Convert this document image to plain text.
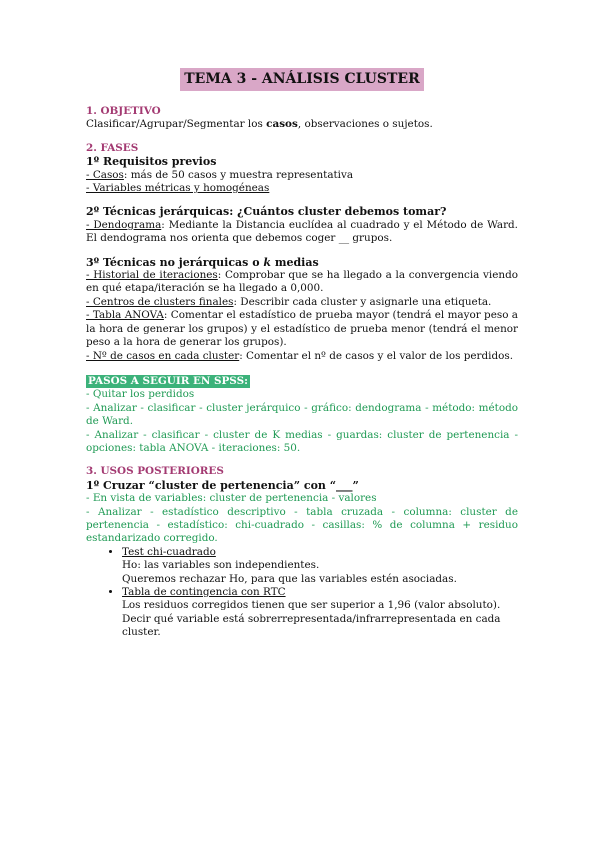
TEMA 3 - ANÁLISIS CLUSTER
1. OBJETIVO
Clasificar/Agrupar/Segmentar los casos, observaciones o sujetos.
2. FASES
1º Requisitos previos
- Casos: más de 50 casos y muestra representativa
- Variables métricas y homogéneas
2º Técnicas jerárquicas: ¿Cuántos cluster debemos tomar?
- Dendograma: Mediante la Distancia euclídea al cuadrado y el Método de Ward. El dendograma nos orienta que debemos coger __ grupos.
3º Técnicas no jerárquicas o k medias
- Historial de iteraciones: Comprobar que se ha llegado a la convergencia viendo en qué etapa/iteración se ha llegado a 0,000.
- Centros de clusters finales: Describir cada cluster y asignarle una etiqueta.
- Tabla ANOVA: Comentar el estadístico de prueba mayor (tendrá el mayor peso a la hora de generar los grupos) y el estadístico de prueba menor (tendrá el menor peso a la hora de generar los grupos).
- Nº de casos en cada cluster: Comentar el nº de casos y el valor de los perdidos.
PASOS A SEGUIR EN SPSS:
- Quitar los perdidos
- Analizar - clasificar - cluster jerárquico - gráfico: dendograma - método: método de Ward.
- Analizar - clasificar - cluster de K medias - guardas: cluster de pertenencia - opciones: tabla ANOVA - iteraciones: 50.
3. USOS POSTERIORES
1º Cruzar “cluster de pertenencia” con “___”
- En vista de variables: cluster de pertenencia - valores
- Analizar - estadístico descriptivo - tabla cruzada - columna: cluster de pertenencia - estadístico: chi-cuadrado - casillas: % de columna + residuo estandarizado corregido.
• Test chi-cuadrado
Ho: las variables son independientes.
Queremos rechazar Ho, para que las variables estén asociadas.
• Tabla de contingencia con RTC
Los residuos corregidos tienen que ser superior a 1,96 (valor absoluto).
Decir qué variable está sobrerrepresentada/infrarrepresentada en cada cluster.
